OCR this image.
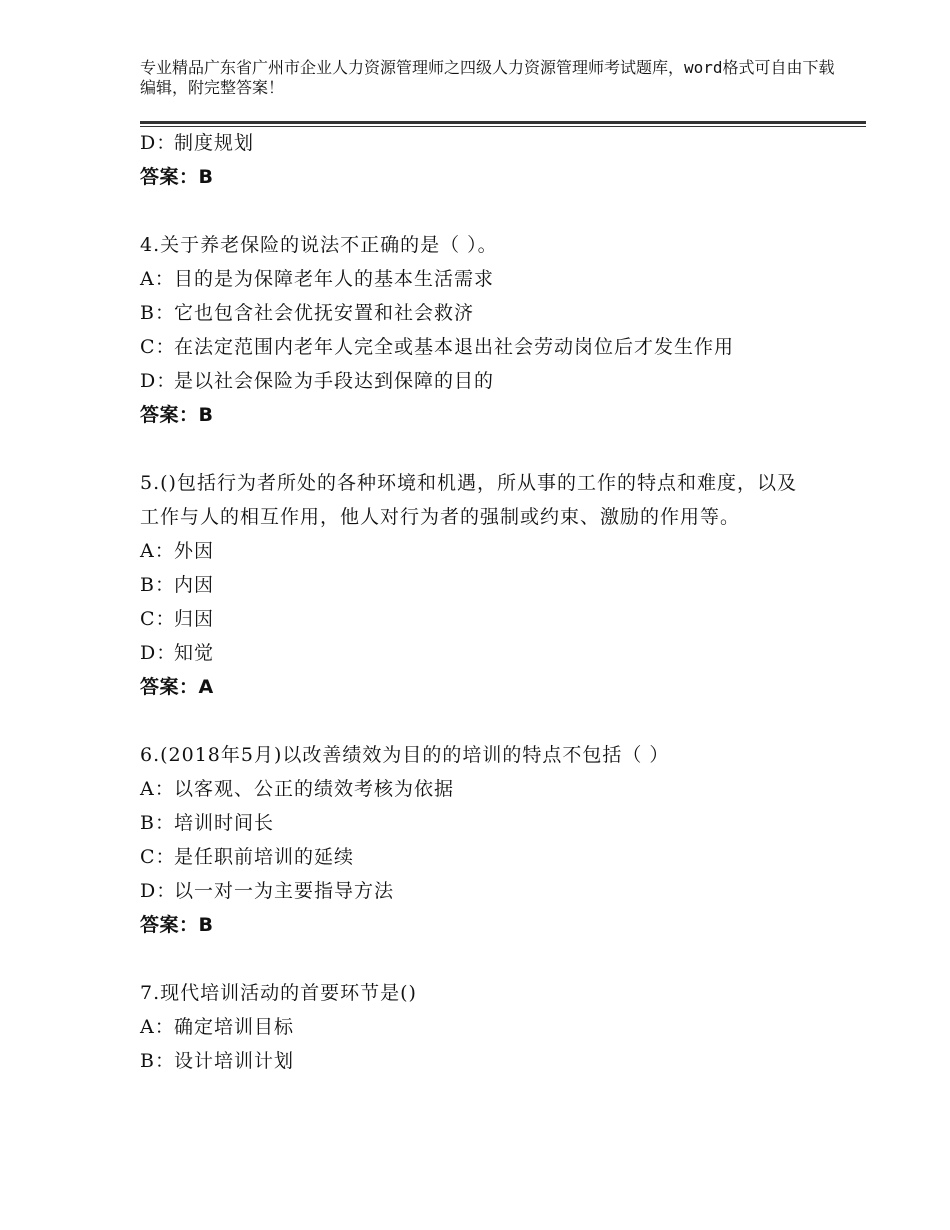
专业精品广东省广州市企业人力资源管理师之四级人力资源管理师考试题库，word格式可自由下载编辑，附完整答案！
D：制度规划
答案：B
4.关于养老保险的说法不正确的是（ ）。
A：目的是为保障老年人的基本生活需求
B：它也包含社会优抚安置和社会救济
C：在法定范围内老年人完全或基本退出社会劳动岗位后才发生作用
D：是以社会保险为手段达到保障的目的
答案：B
5.()包括行为者所处的各种环境和机遇，所从事的工作的特点和难度，以及工作与人的相互作用，他人对行为者的强制或约束、激励的作用等。
A：外因
B：内因
C：归因
D：知觉
答案：A
6.(2018年5月)以改善绩效为目的的培训的特点不包括（ ）
A：以客观、公正的绩效考核为依据
B：培训时间长
C：是任职前培训的延续
D：以一对一为主要指导方法
答案：B
7.现代培训活动的首要环节是()
A：确定培训目标
B：设计培训计划
